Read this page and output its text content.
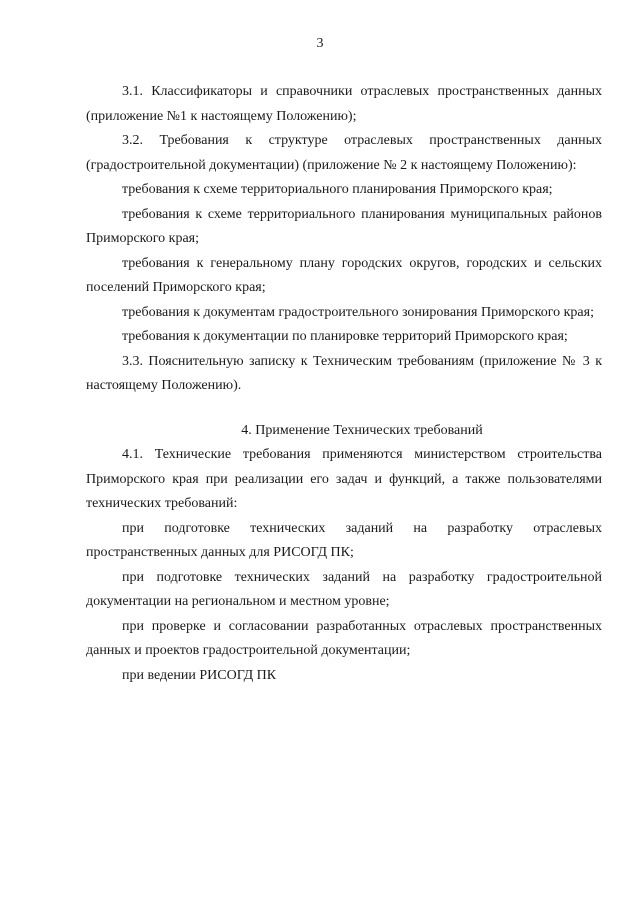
3

3.1. Классификаторы и справочники отраслевых пространственных данных (приложение №1 к настоящему Положению);

3.2. Требования к структуре отраслевых пространственных данных (градостроительной документации) (приложение № 2 к настоящему Положению):

требования к схеме территориального планирования Приморского края;

требования к схеме территориального планирования муниципальных районов Приморского края;

требования к генеральному плану городских округов, городских и сельских поселений Приморского края;

требования к документам градостроительного зонирования Приморского края;

требования к документации по планировке территорий Приморского края;

3.3. Пояснительную записку к Техническим требованиям (приложение № 3 к настоящему Положению).

4. Применение Технических требований

4.1. Технические требования применяются министерством строительства Приморского края при реализации его задач и функций, а также пользователями технических требований:

при подготовке технических заданий на разработку отраслевых пространственных данных для РИСОГД ПК;

при подготовке технических заданий на разработку градостроительной документации на региональном и местном уровне;

при проверке и согласовании разработанных отраслевых пространственных данных и проектов градостроительной документации;

при ведении РИСОГД ПК
